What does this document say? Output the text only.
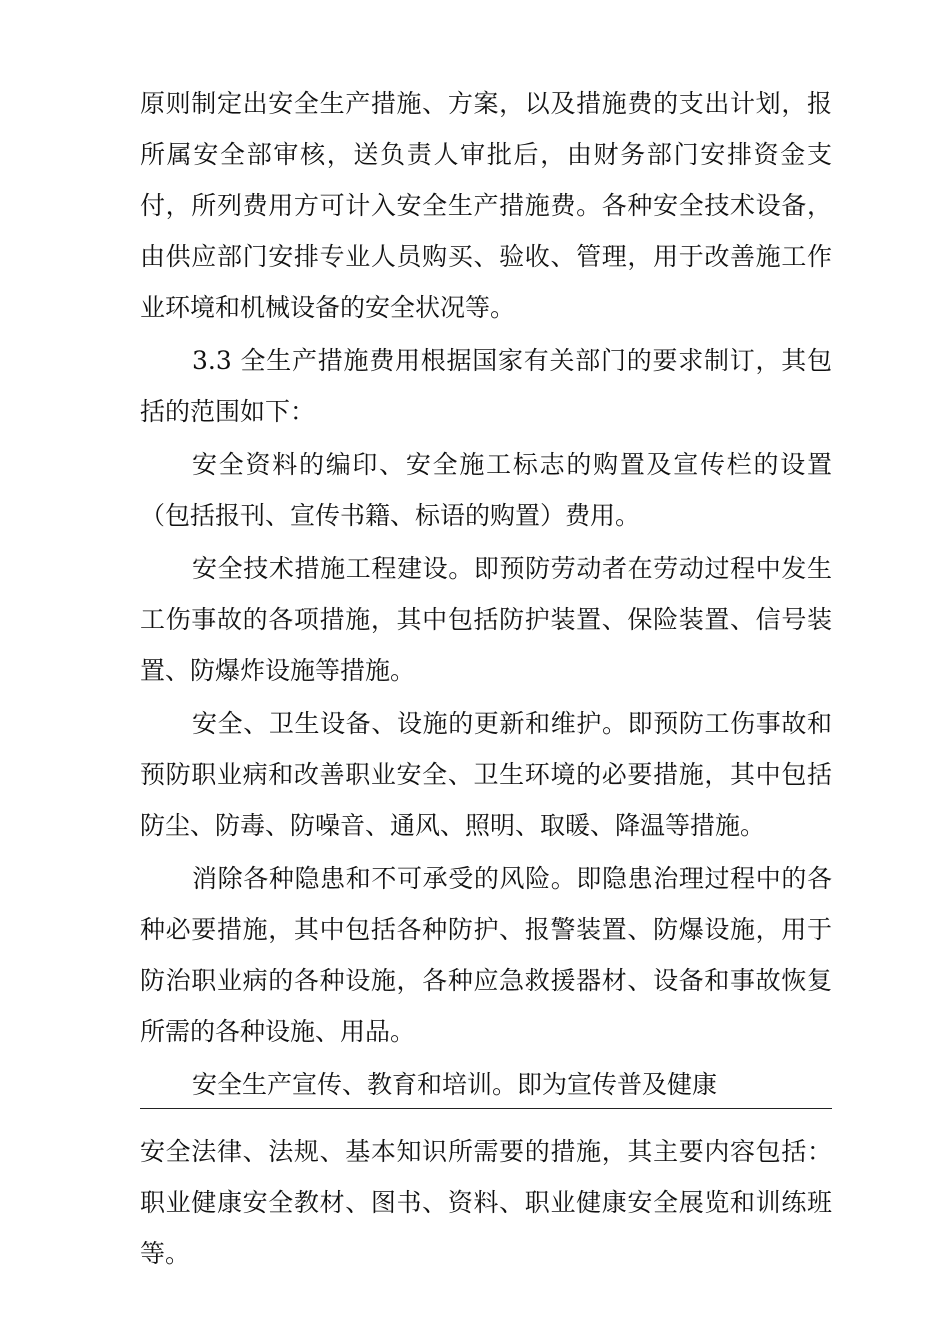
原则制定出安全生产措施、方案，以及措施费的支出计划，报所属安全部审核，送负责人审批后，由财务部门安排资金支付，所列费用方可计入安全生产措施费。各种安全技术设备，由供应部门安排专业人员购买、验收、管理，用于改善施工作业环境和机械设备的安全状况等。

3.3 全生产措施费用根据国家有关部门的要求制订，其包括的范围如下：

安全资料的编印、安全施工标志的购置及宣传栏的设置（包括报刊、宣传书籍、标语的购置）费用。

安全技术措施工程建设。即预防劳动者在劳动过程中发生工伤事故的各项措施，其中包括防护装置、保险装置、信号装置、防爆炸设施等措施。

安全、卫生设备、设施的更新和维护。即预防工伤事故和预防职业病和改善职业安全、卫生环境的必要措施，其中包括防尘、防毒、防噪音、通风、照明、取暖、降温等措施。

消除各种隐患和不可承受的风险。即隐患治理过程中的各种必要措施，其中包括各种防护、报警装置、防爆设施，用于防治职业病的各种设施，各种应急救援器材、设备和事故恢复所需的各种设施、用品。

安全生产宣传、教育和培训。即为宣传普及健康

安全法律、法规、基本知识所需要的措施，其主要内容包括：职业健康安全教材、图书、资料、职业健康安全展览和训练班等。
